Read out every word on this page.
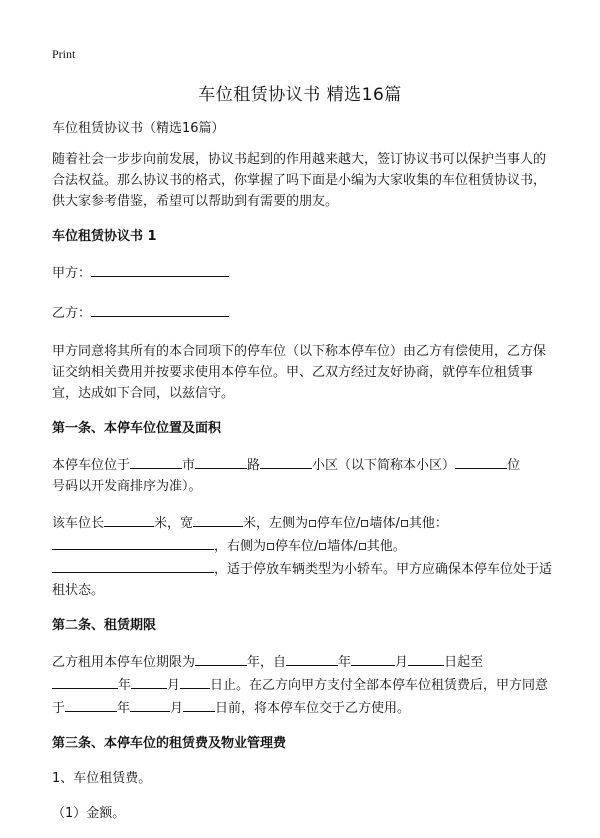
Print
车位租赁协议书 精选16篇

车位租赁协议书（精选16篇）

随着社会一步步向前发展，协议书起到的作用越来越大，签订协议书可以保护当事人的合法权益。那么协议书的格式，你掌握了吗下面是小编为大家收集的车位租赁协议书，供大家参考借鉴，希望可以帮助到有需要的朋友。

车位租赁协议书 1

甲方：

乙方：

甲方同意将其所有的本合同项下的停车位（以下称本停车位）由乙方有偿使用，乙方保证交纳相关费用并按要求使用本停车位。甲、乙双方经过友好协商，就停车位租赁事宜，达成如下合同，以兹信守。

第一条、本停车位位置及面积

本停车位位于	市	路	小区（以下简称本小区）	位
号码以开发商排序为准）。

该车位长	米，宽	米，左侧为 停车位/ 墙体/ 其他：
，右侧为 停车位/ 墙体/ 其他。
，适于停放车辆类型为小轿车。甲方应确保本停车位处于适租状态。

第二条、租赁期限

乙方租用本停车位期限为	年，自	年	月	日起至
年	月 日止。在乙方向甲方支付全部本停车位租赁费后，甲方同意于	年	月 日前，将本停车位交于乙方使用。

第三条、本停车位的租赁费及物业管理费

1、车位租赁费。

（1）金额。
